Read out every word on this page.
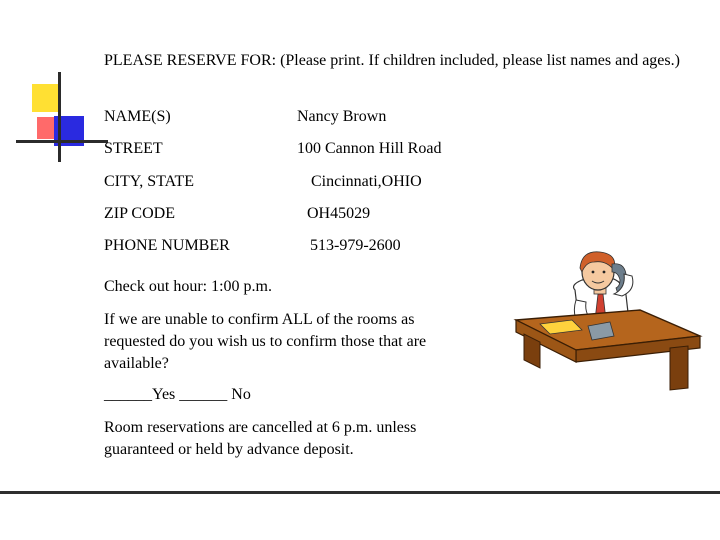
PLEASE RESERVE FOR: (Please print. If children included, please list names and ages.)
NAME(S)	Nancy Brown
STREET	100 Cannon Hill Road
CITY, STATE	Cincinnati,OHIO
ZIP CODE	OH45029
PHONE NUMBER	513-979-2600
Check out hour: 1:00 p.m.
If we are unable to confirm ALL of the rooms as requested do you wish us to confirm those that are available?
______Yes ______ No
Room reservations are cancelled at 6 p.m. unless guaranteed or held by advance deposit.
